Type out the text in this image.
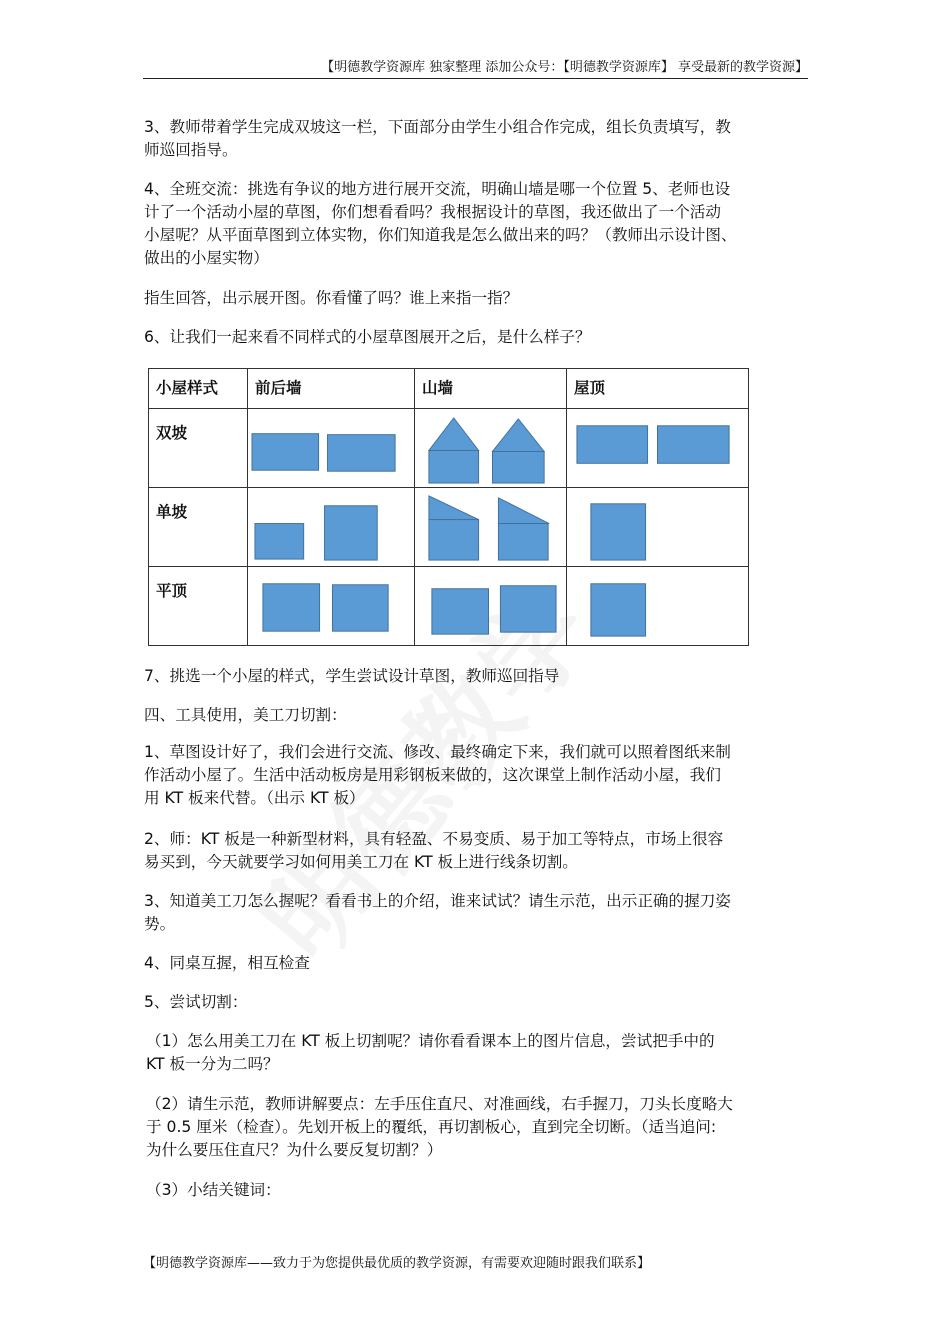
【明德教学资源库 独家整理 添加公众号：【明德教学资源库】 享受最新的教学资源】

3、教师带着学生完成双坡这一栏，下面部分由学生小组合作完成，组长负责填写，教
师巡回指导。

4、全班交流：挑选有争议的地方进行展开交流，明确山墙是哪一个位置 5、老师也设
计了一个活动小屋的草图，你们想看看吗？我根据设计的草图，我还做出了一个活动
小屋呢？从平面草图到立体实物，你们知道我是怎么做出来的吗？（教师出示设计图、
做出的小屋实物）

指生回答，出示展开图。你看懂了吗？谁上来指一指？

6、让我们一起来看不同样式的小屋草图展开之后，是什么样子？

小屋样式	前后墙	山墙	屋顶
双坡	

单坡	

平顶	

7、挑选一个小屋的样式，学生尝试设计草图，教师巡回指导

四、工具使用，美工刀切割：

1、草图设计好了，我们会进行交流、修改、最终确定下来，我们就可以照着图纸来制
作活动小屋了。生活中活动板房是用彩钢板来做的，这次课堂上制作活动小屋，我们
用 KT 板来代替。（出示 KT 板）

2、师：KT 板是一种新型材料，具有轻盈、不易变质、易于加工等特点，市场上很容
易买到，今天就要学习如何用美工刀在 KT 板上进行线条切割。

3、知道美工刀怎么握呢？看看书上的介绍，谁来试试？请生示范，出示正确的握刀姿
势。

4、同桌互握，相互检查

5、尝试切割：

（1）怎么用美工刀在 KT 板上切割呢？请你看看课本上的图片信息，尝试把手中的
KT 板一分为二吗？

（2）请生示范，教师讲解要点：左手压住直尺、对准画线，右手握刀，刀头长度略大
于 0.5 厘米（检查）。先划开板上的覆纸，再切割板心，直到完全切断。（适当追问:
为什么要压住直尺？为什么要反复切割？）

（3）小结关键词：

【明德教学资源库——致力于为您提供最优质的教学资源，有需要欢迎随时跟我们联系】
